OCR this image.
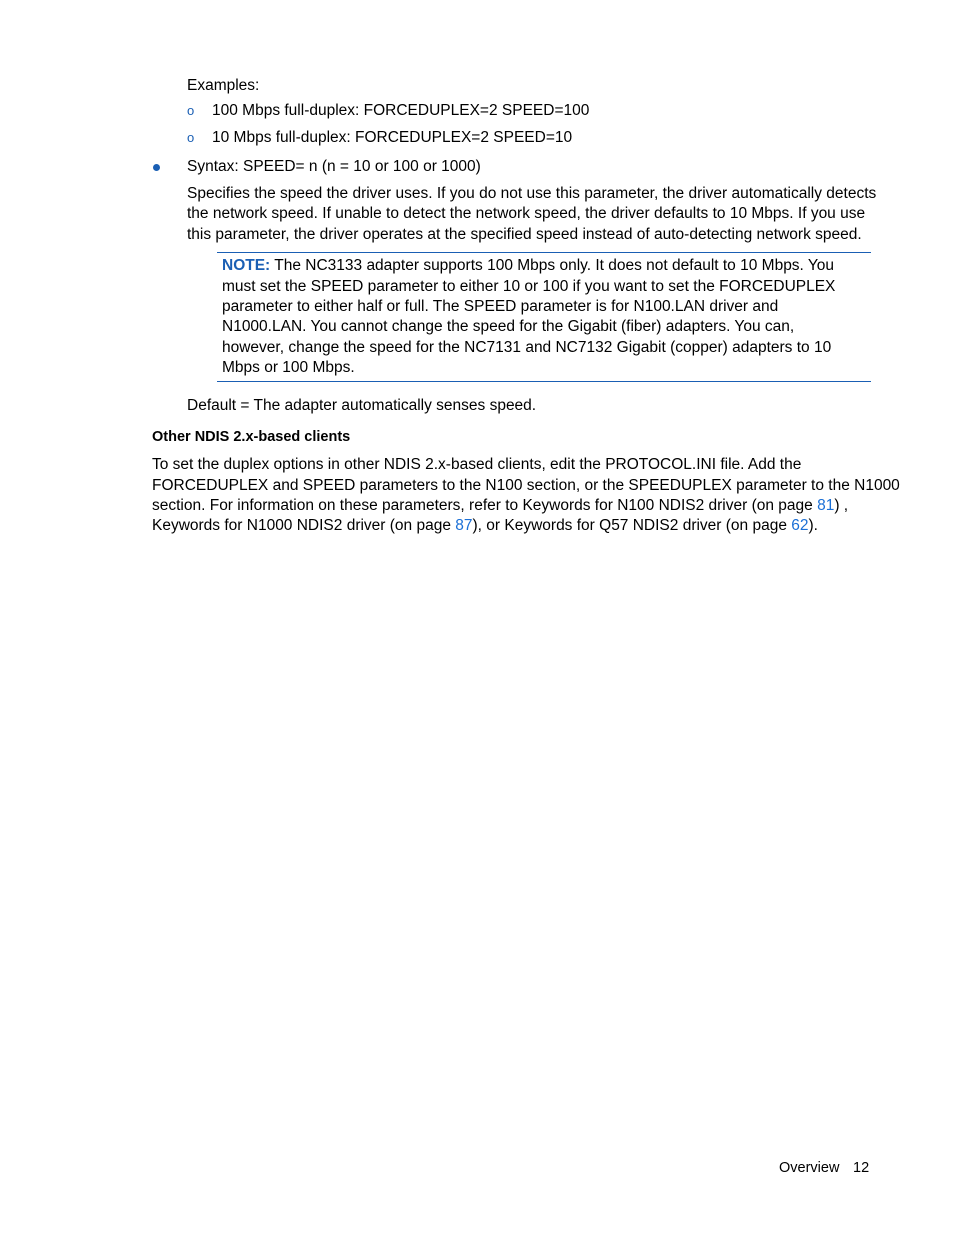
Examples:
o 100 Mbps full-duplex: FORCEDUPLEX=2 SPEED=100
o 10 Mbps full-duplex: FORCEDUPLEX=2 SPEED=10
Syntax: SPEED= n (n = 10 or 100 or 1000)
Specifies the speed the driver uses. If you do not use this parameter, the driver automatically detects
the network speed. If unable to detect the network speed, the driver defaults to 10 Mbps. If you use
this parameter, the driver operates at the specified speed instead of auto-detecting network speed.
NOTE: The NC3133 adapter supports 100 Mbps only. It does not default to 10 Mbps. You
must set the SPEED parameter to either 10 or 100 if you want to set the FORCEDUPLEX
parameter to either half or full. The SPEED parameter is for N100.LAN driver and
N1000.LAN. You cannot change the speed for the Gigabit (fiber) adapters. You can,
however, change the speed for the NC7131 and NC7132 Gigabit (copper) adapters to 10
Mbps or 100 Mbps.
Default = The adapter automatically senses speed.
Other NDIS 2.x-based clients
To set the duplex options in other NDIS 2.x-based clients, edit the PROTOCOL.INI file. Add the
FORCEDUPLEX and SPEED parameters to the N100 section, or the SPEEDUPLEX parameter to the N1000
section. For information on these parameters, refer to Keywords for N100 NDIS2 driver (on page 81) ,
Keywords for N1000 NDIS2 driver (on page 87), or Keywords for Q57 NDIS2 driver (on page 62).
Overview 12
